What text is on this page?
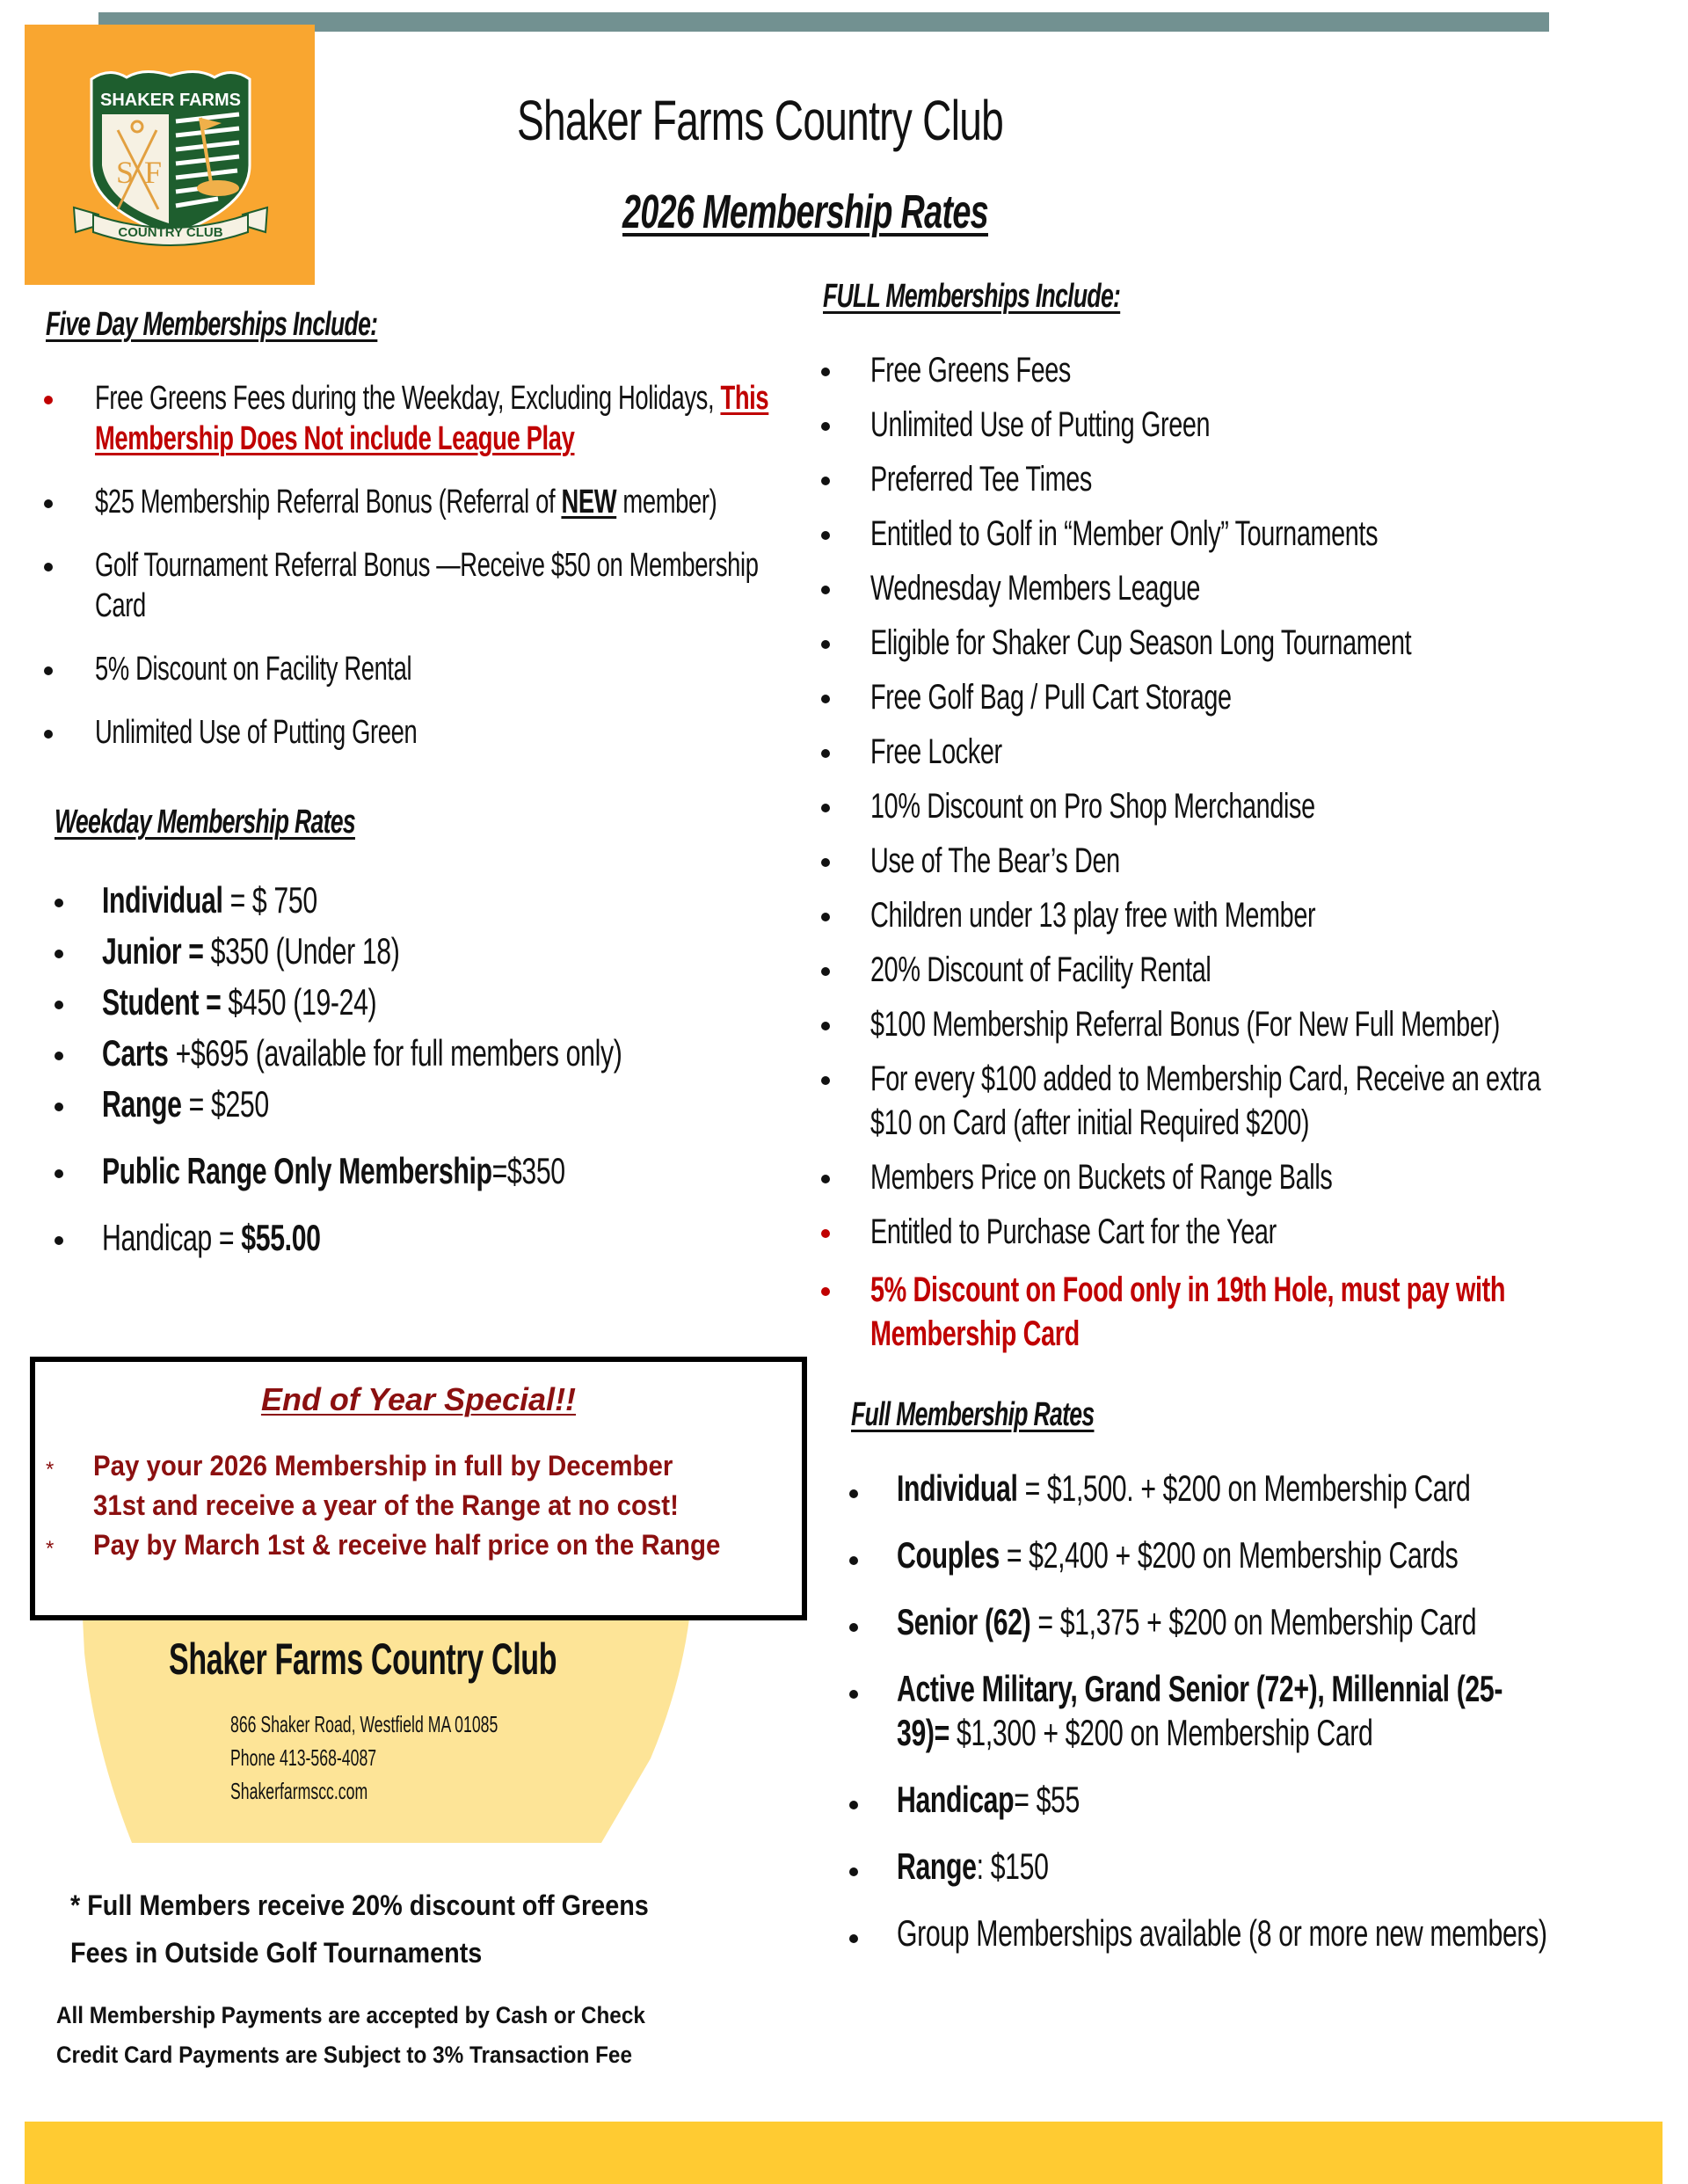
SHAKER FARMS
S F
COUNTRY CLUB
Shaker Farms Country Club
2026 Membership Rates
Five Day Memberships Include:
Free Greens Fees during the Weekday, Excluding Holidays, This
Membership Does Not include League Play
$25 Membership Referral Bonus (Referral of NEW member)
Golf Tournament Referral Bonus —Receive $50 on Membership
Card
5% Discount on Facility Rental
Unlimited Use of Putting Green
Weekday Membership Rates
Individual = $ 750
Junior = $350 (Under 18)
Student = $450 (19-24)
Carts +$695 (available for full members only)
Range = $250
Public Range Only Membership=$350
Handicap = $55.00
FULL Memberships Include:
Free Greens Fees
Unlimited Use of Putting Green
Preferred Tee Times
Entitled to Golf in “Member Only” Tournaments
Wednesday Members League
Eligible for Shaker Cup Season Long Tournament
Free Golf Bag / Pull Cart Storage
Free Locker
10% Discount on Pro Shop Merchandise
Use of The Bear’s Den
Children under 13 play free with Member
20% Discount of Facility Rental
$100 Membership Referral Bonus (For New Full Member)
For every $100 added to Membership Card, Receive an extra
$10 on Card (after initial Required $200)
Members Price on Buckets of Range Balls
Entitled to Purchase Cart for the Year
5% Discount on Food only in 19th Hole, must pay with
Membership Card
Full Membership Rates
Individual = $1,500. + $200 on Membership Card
Couples = $2,400 + $200 on Membership Cards
Senior (62) = $1,375 + $200 on Membership Card
Active Military, Grand Senior (72+), Millennial (25-
39)= $1,300 + $200 on Membership Card
Handicap= $55
Range: $150
Group Memberships available (8 or more new members)
End of Year Special!!
* Pay your 2026 Membership in full by December
31st and receive a year of the Range at no cost!
* Pay by March 1st & receive half price on the Range
Shaker Farms Country Club
866 Shaker Road, Westfield MA 01085
Phone 413-568-4087
Shakerfarmscc.com
* Full Members receive 20% discount off Greens
Fees in Outside Golf Tournaments
All Membership Payments are accepted by Cash or Check
Credit Card Payments are Subject to 3% Transaction Fee
